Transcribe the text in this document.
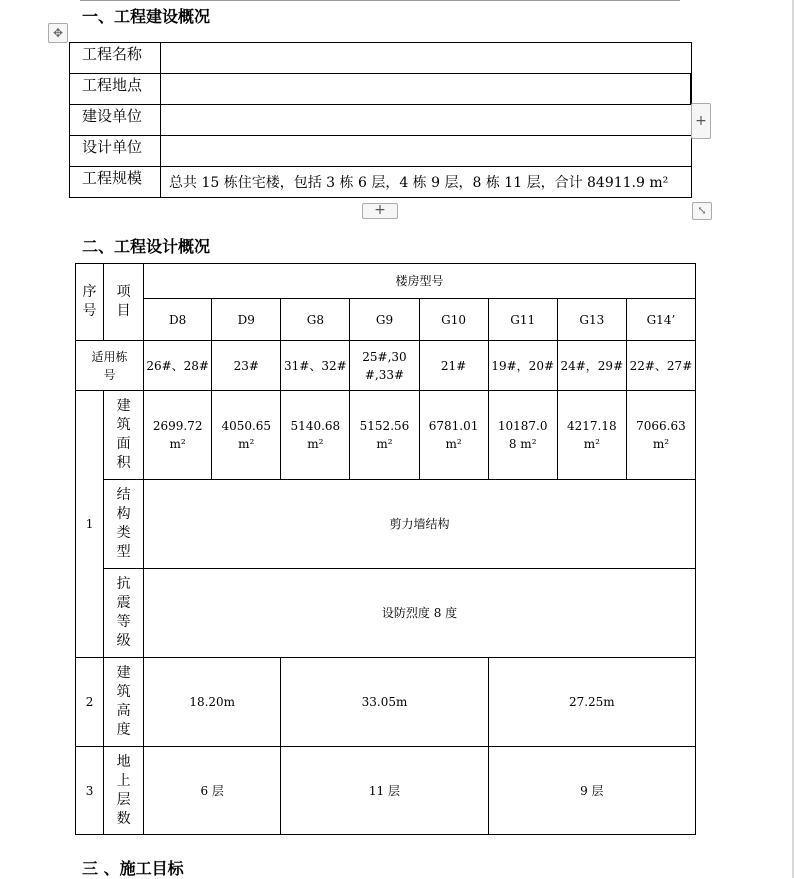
一、工程建设概况
✥
工程名称	
工程地点	
建设单位	
设计单位	
工程规模	总共 15 栋住宅楼，包括 3 栋 6 层，4 栋 9 层，8 栋 11 层，合计 84911.9 m²
+
+	⤡
二、工程设计概况
序号	项目	楼房型号							
		D8	D9	G8	G9	G10	G11	G13	G14’

适用栋号		26#、28#	23#	31#、32#	25#,30#,33#	21#	19#，20#	24#，29#	22#、27#
1	建筑面积	2699.72 m²	4050.65 m²	5140.68 m²	5152.56 m²	6781.01 m²	10187.08 m²	4217.18 m²	7066.63 m²

	结构类型	剪力墙结构							

	抗震等级	设防烈度 8 度							
2	建筑高度	18.20m		33.05m			27.25m		
3	地上层数	6 层		11 层			9 层		
三 、施工目标
